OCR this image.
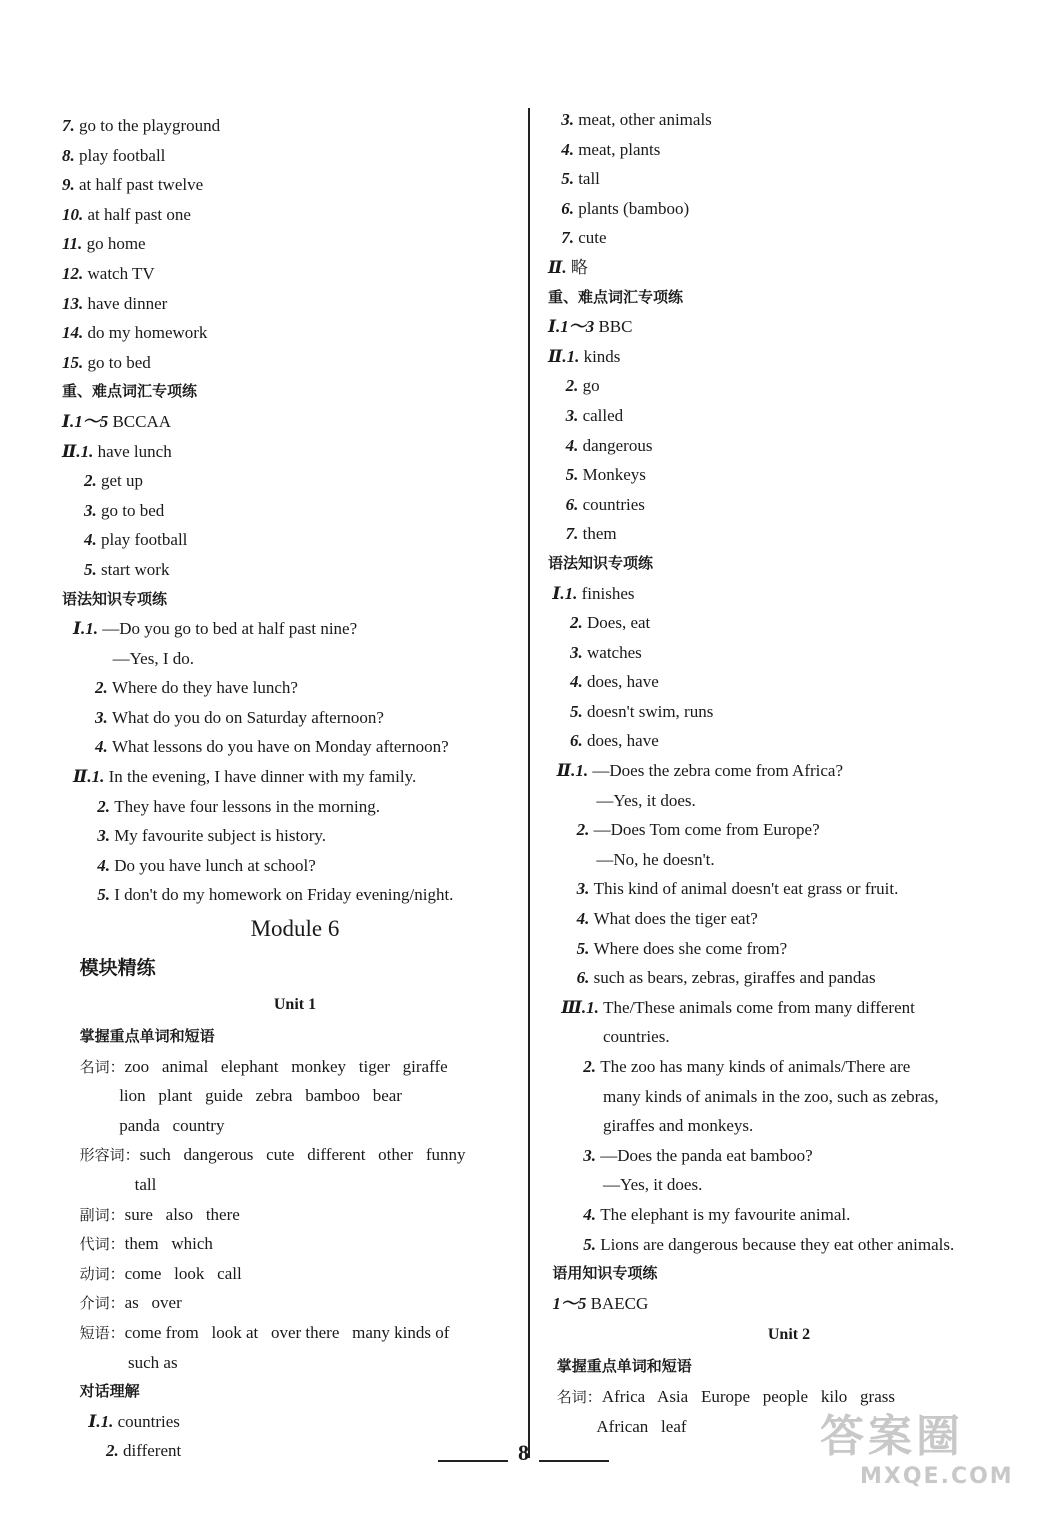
7. go to the playground
8. play football
9. at half past twelve
10. at half past one
11. go home
12. watch TV
13. have dinner
14. do my homework
15. go to bed
重、难点词汇专项练
Ⅰ.1～5 BCCAA
Ⅱ.1. have lunch
2. get up
3. go to bed
4. play football
5. start work
语法知识专项练
Ⅰ.1. —Do you go to bed at half past nine?
—Yes, I do.
2. Where do they have lunch?
3. What do you do on Saturday afternoon?
4. What lessons do you have on Monday afternoon?
Ⅱ.1. In the evening, I have dinner with my family.
2. They have four lessons in the morning.
3. My favourite subject is history.
4. Do you have lunch at school?
5. I don't do my homework on Friday evening/night.
Module 6
模块精练
Unit 1
掌握重点单词和短语
名词：zoo   animal   elephant   monkey   tiger   giraffe
lion   plant   guide   zebra   bamboo   bear
panda   country
形容词：such   dangerous   cute   different   other   funny
tall
副词：sure   also   there
代词：them   which
动词：come   look   call
介词：as   over
短语：come from   look at   over there   many kinds of
such as
对话理解
Ⅰ.1. countries
2. different
3. meat, other animals
4. meat, plants
5. tall
6. plants (bamboo)
7. cute
Ⅱ. 略
重、难点词汇专项练
Ⅰ.1～3 BBC
Ⅱ.1. kinds
2. go
3. called
4. dangerous
5. Monkeys
6. countries
7. them
语法知识专项练
Ⅰ.1. finishes
2. Does, eat
3. watches
4. does, have
5. doesn't swim, runs
6. does, have
Ⅱ.1. —Does the zebra come from Africa?
—Yes, it does.
2. —Does Tom come from Europe?
—No, he doesn't.
3. This kind of animal doesn't eat grass or fruit.
4. What does the tiger eat?
5. Where does she come from?
6. such as bears, zebras, giraffes and pandas
Ⅲ.1. The/These animals come from many different
countries.
2. The zoo has many kinds of animals/There are
many kinds of animals in the zoo, such as zebras,
giraffes and monkeys.
3. —Does the panda eat bamboo?
—Yes, it does.
4. The elephant is my favourite animal.
5. Lions are dangerous because they eat other animals.
语用知识专项练
1～5 BAECG
Unit 2
掌握重点单词和短语
名词：Africa   Asia   Europe   people   kilo   grass
African   leaf
8	答案圈
MXQE.COM
